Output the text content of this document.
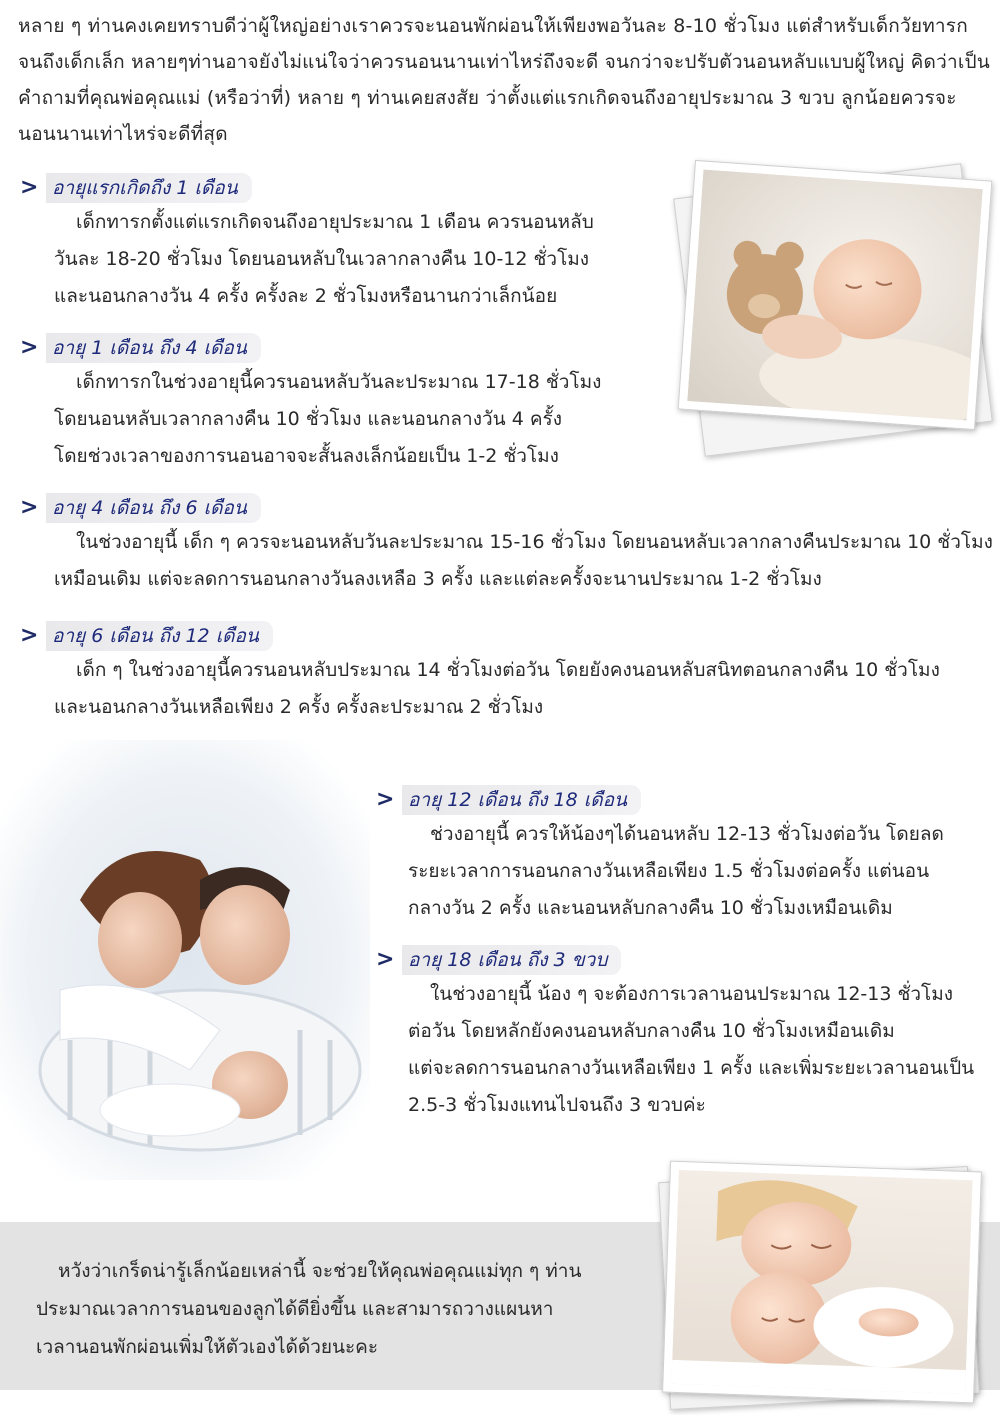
หลาย ๆ ท่านคงเคยทราบดีว่าผู้ใหญ่อย่างเราควรจะนอนพักผ่อนให้เพียงพอวันละ 8-10 ชั่วโมง แต่สำหรับเด็กวัยทารกจนถึงเด็กเล็ก หลายๆท่านอาจยังไม่แน่ใจว่าควรนอนนานเท่าไหร่ถึงจะดี จนกว่าจะปรับตัวนอนหลับแบบผู้ใหญ่ คิดว่าเป็นคำถามที่คุณพ่อคุณแม่ (หรือว่าที่) หลาย ๆ ท่านเคยสงสัย ว่าตั้งแต่แรกเกิดจนถึงอายุประมาณ 3 ขวบ ลูกน้อยควรจะนอนนานเท่าไหร่จะดีที่สุด
> อายุแรกเกิดถึง 1 เดือน
เด็กทารกตั้งแต่แรกเกิดจนถึงอายุประมาณ 1 เดือน ควรนอนหลับ
วันละ 18-20 ชั่วโมง โดยนอนหลับในเวลากลางคืน 10-12 ชั่วโมง
และนอนกลางวัน 4 ครั้ง ครั้งละ 2 ชั่วโมงหรือนานกว่าเล็กน้อย
> อายุ 1 เดือน ถึง 4 เดือน
เด็กทารกในช่วงอายุนี้ควรนอนหลับวันละประมาณ 17-18 ชั่วโมง
โดยนอนหลับเวลากลางคืน 10 ชั่วโมง และนอนกลางวัน 4 ครั้ง
โดยช่วงเวลาของการนอนอาจจะสั้นลงเล็กน้อยเป็น 1-2 ชั่วโมง
> อายุ 4 เดือน ถึง 6 เดือน
ในช่วงอายุนี้ เด็ก ๆ ควรจะนอนหลับวันละประมาณ 15-16 ชั่วโมง โดยนอนหลับเวลากลางคืนประมาณ 10 ชั่วโมง
เหมือนเดิม แต่จะลดการนอนกลางวันลงเหลือ 3 ครั้ง และแต่ละครั้งจะนานประมาณ 1-2 ชั่วโมง
> อายุ 6 เดือน ถึง 12 เดือน
เด็ก ๆ ในช่วงอายุนี้ควรนอนหลับประมาณ 14 ชั่วโมงต่อวัน โดยยังคงนอนหลับสนิทตอนกลางคืน 10 ชั่วโมง
และนอนกลางวันเหลือเพียง 2 ครั้ง ครั้งละประมาณ 2 ชั่วโมง
> อายุ 12 เดือน ถึง 18 เดือน
ช่วงอายุนี้ ควรให้น้องๆได้นอนหลับ 12-13 ชั่วโมงต่อวัน โดยลด
ระยะเวลาการนอนกลางวันเหลือเพียง 1.5 ชั่วโมงต่อครั้ง แต่นอน
กลางวัน 2 ครั้ง และนอนหลับกลางคืน 10 ชั่วโมงเหมือนเดิม
> อายุ 18 เดือน ถึง 3 ขวบ
ในช่วงอายุนี้ น้อง ๆ จะต้องการเวลานอนประมาณ 12-13 ชั่วโมง
ต่อวัน โดยหลักยังคงนอนหลับกลางคืน 10 ชั่วโมงเหมือนเดิม
แต่จะลดการนอนกลางวันเหลือเพียง 1 ครั้ง และเพิ่มระยะเวลานอนเป็น
2.5-3 ชั่วโมงแทนไปจนถึง 3 ขวบค่ะ
หวังว่าเกร็ดน่ารู้เล็กน้อยเหล่านี้ จะช่วยให้คุณพ่อคุณแม่ทุก ๆ ท่าน
ประมาณเวลาการนอนของลูกได้ดียิ่งขึ้น และสามารถวางแผนหา
เวลานอนพักผ่อนเพิ่มให้ตัวเองได้ด้วยนะคะ
